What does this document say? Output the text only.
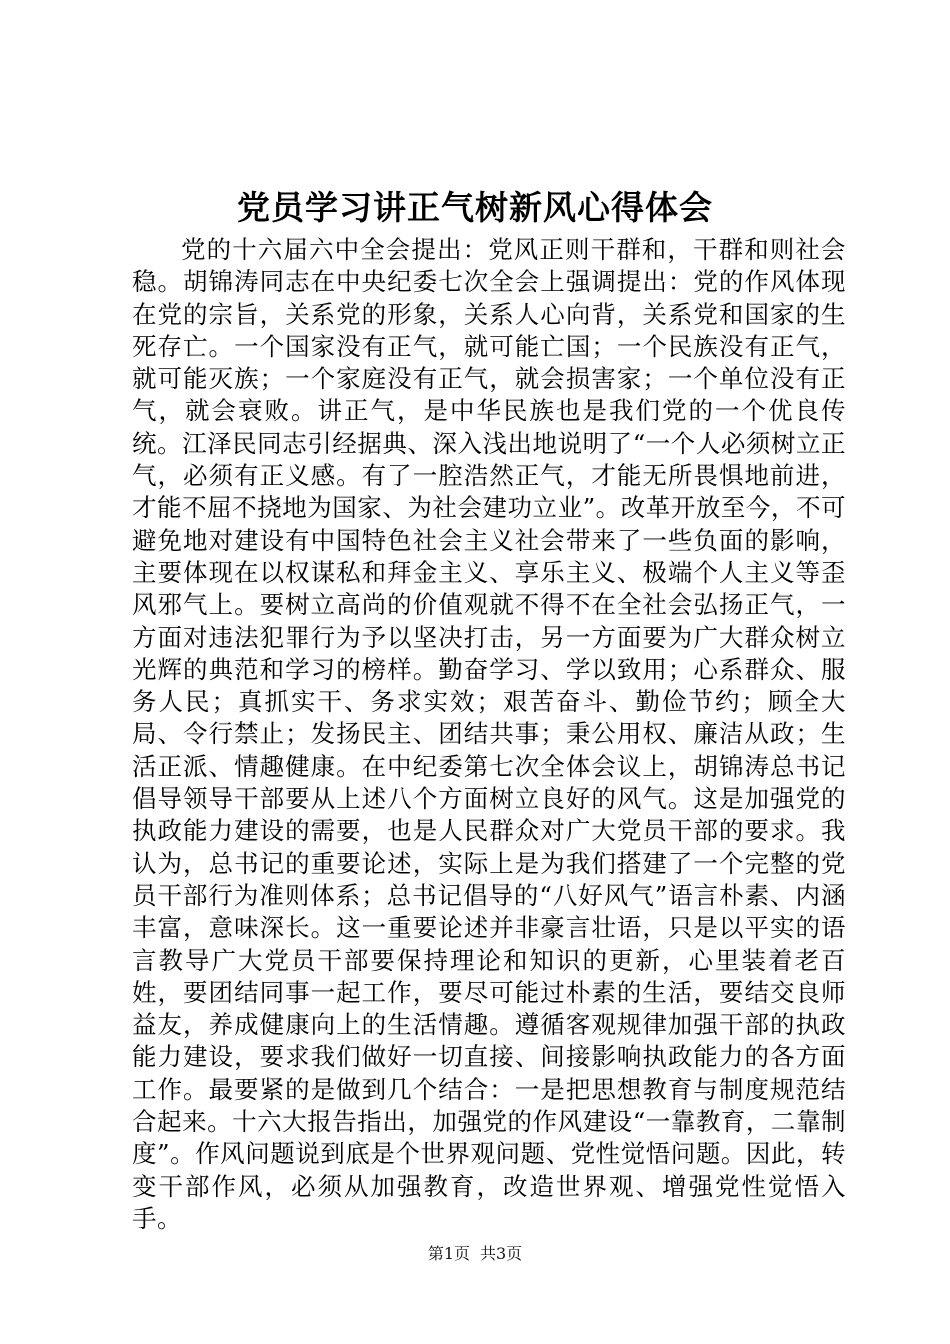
党员学习讲正气树新风心得体会

党的十六届六中全会提出：党风正则干群和，干群和则社会稳。胡锦涛同志在中央纪委七次全会上强调提出：党的作风体现在党的宗旨，关系党的形象，关系人心向背，关系党和国家的生死存亡。一个国家没有正气，就可能亡国；一个民族没有正气，就可能灭族；一个家庭没有正气，就会损害家；一个单位没有正气，就会衰败。讲正气，是中华民族也是我们党的一个优良传统。江泽民同志引经据典、深入浅出地说明了“一个人必须树立正气，必须有正义感。有了一腔浩然正气，才能无所畏惧地前进，才能不屈不挠地为国家、为社会建功立业”。改革开放至今，不可避免地对建设有中国特色社会主义社会带来了一些负面的影响，主要体现在以权谋私和拜金主义、享乐主义、极端个人主义等歪风邪气上。要树立高尚的价值观就不得不在全社会弘扬正气，一方面对违法犯罪行为予以坚决打击，另一方面要为广大群众树立光辉的典范和学习的榜样。勤奋学习、学以致用；心系群众、服务人民；真抓实干、务求实效；艰苦奋斗、勤俭节约；顾全大局、令行禁止；发扬民主、团结共事；秉公用权、廉洁从政；生活正派、情趣健康。在中纪委第七次全体会议上，胡锦涛总书记倡导领导干部要从上述八个方面树立良好的风气。这是加强党的执政能力建设的需要，也是人民群众对广大党员干部的要求。我认为，总书记的重要论述，实际上是为我们搭建了一个完整的党员干部行为准则体系；总书记倡导的“八好风气”语言朴素、内涵丰富，意味深长。这一重要论述并非豪言壮语，只是以平实的语言教导广大党员干部要保持理论和知识的更新，心里装着老百姓，要团结同事一起工作，要尽可能过朴素的生活，要结交良师益友，养成健康向上的生活情趣。遵循客观规律加强干部的执政能力建设，要求我们做好一切直接、间接影响执政能力的各方面工作。最要紧的是做到几个结合：一是把思想教育与制度规范结合起来。十六大报告指出，加强党的作风建设“一靠教育，二靠制度”。作风问题说到底是个世界观问题、党性觉悟问题。因此，转变干部作风，必须从加强教育，改造世界观、增强党性觉悟入手。

第1页 共3页
